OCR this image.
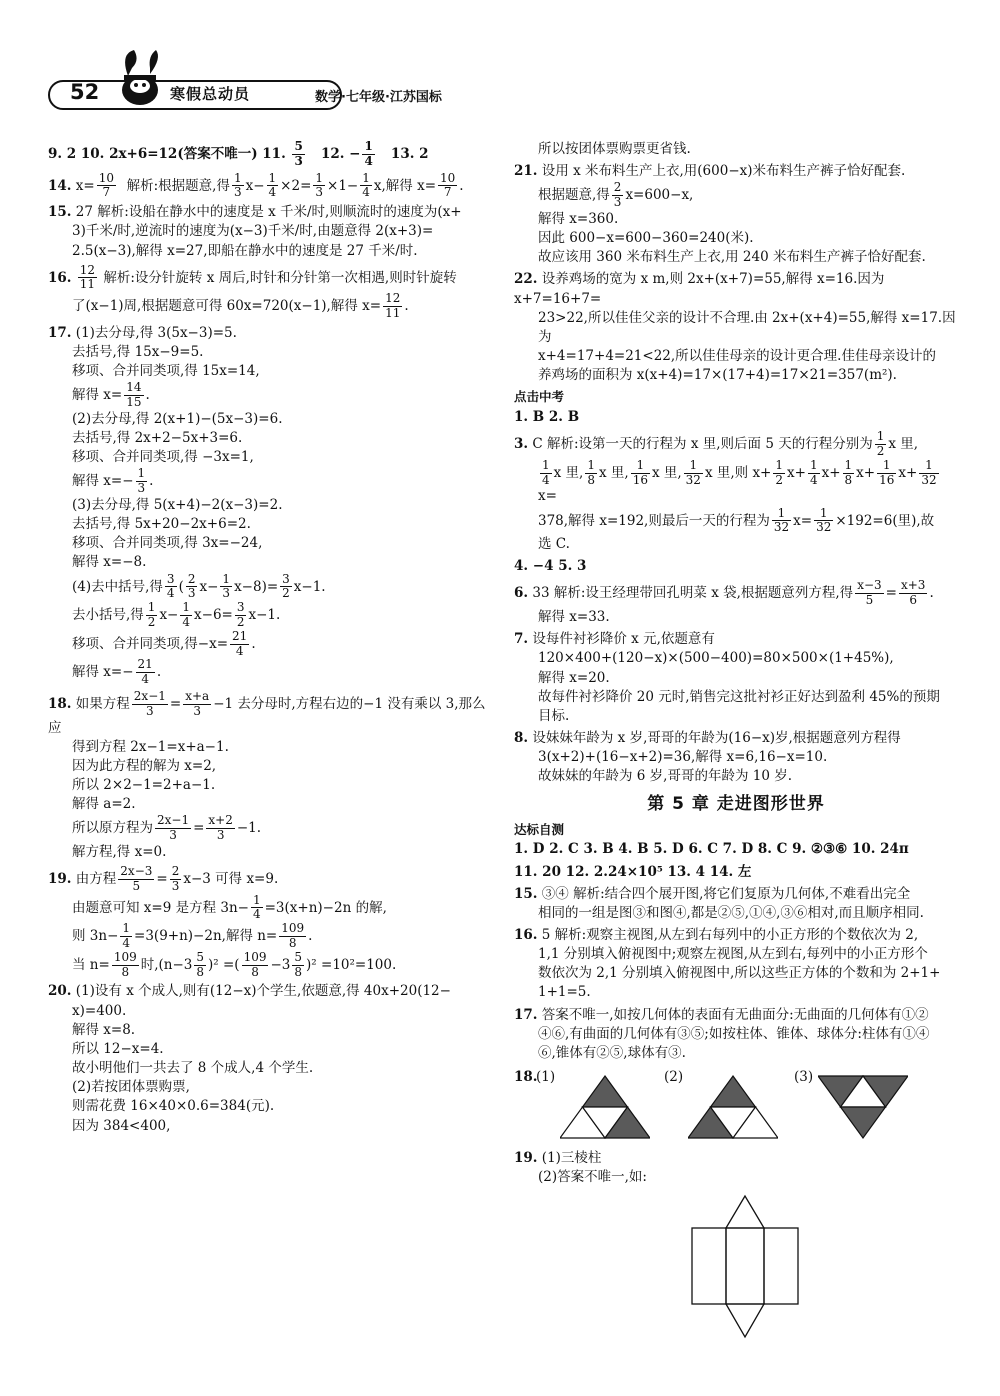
52	寒假总动员	数学·七年级·江苏国标
9. 2 10. 2x+6=12(答案不唯一) 11. $\frac{5}{3} 12$. − $\frac{1}{4} 13$. 2
14. $x= \frac{10}{7}$ 解析:根据题意,得 $\frac{1}{3} x- \frac{1}{4} \times 2= \frac{1}{3} \times 1- \frac{1}{4} x$,解得 $x= \frac{10}{7}$ .
15. 27 解析:设船在静水中的速度是 x 千米/时,则顺流时的速度为(x+
3)千米/时,逆流时的速度为(x−3)千米/时,由题意得 2(x+3)=
2.5(x−3),解得 x=27,即船在静水中的速度是 27 千米/时.
16. $\frac{12}{11}$ 解析:设分针旋转 x 周后,时针和分针第一次相遇,则时针旋转
了(x−1)周,根据题意可得 60x=720(x−1),解得 $x= \frac{12}{11}$ .
17. (1)去分母,得 3(5x−3)=5.
去括号,得 15x−9=5.
移项、合并同类项,得 15x=14,
解得 $x= \frac{14}{15}$ .
(2)去分母,得 2(x+1)−(5x−3)=6.
去括号,得 2x+2−5x+3=6.
移项、合并同类项,得 −3x=1,
解得 $x=- \frac{1}{3}$ .
(3)去分母,得 5(x+4)−2(x−3)=2.
去括号,得 5x+20−2x+6=2.
移项、合并同类项,得 3x=−24,
解得 x=−8.
(4)去中括号,得 $\frac{3}{4}$ ( $\frac{2}{3} x- \frac{1}{3} x-8)= \frac{3}{2} x-1$.
去小括号,得 $\frac{1}{2} x- \frac{1}{4} x-6= \frac{3}{2} x-1$.
移项、合并同类项,得$-x= \frac{21}{4}$ .
解得 $x=- \frac{21}{4}$ .
18. 如果方程 $\frac{2x-1}{3} = \frac{x+a}{3} -1$ 去分母时,方程右边的−1 没有乘以 3,那么应
得到方程 2x−1=x+a−1.
因为此方程的解为 x=2,
所以 2×2−1=2+a−1.
解得 a=2.
所以原方程为 $\frac{2x-1}{3} = \frac{x+2}{3} -1$.
解方程,得 x=0.
19. 由方程 $\frac{2x-3}{5} = \frac{2}{3} x-3$ 可得 x=9.
由题意可知 x=9 是方程 $3n- \frac{1}{4} =3(x+n)-2n$ 的解,
则 $3n- \frac{1}{4} =3(9+n)-2n$,解得 $n= \frac{109}{8}$ .
当 $n= \frac{109}{8}$ 时$,(n-3 \frac{5}{8} )^2$ =( $\frac{109}{8} -3 \frac{5}{8} )^2 =10^2=100$.
20. (1)设有 x 个成人,则有(12−x)个学生,依题意,得 40x+20(12−
x)=400.
解得 x=8.
所以 12−x=4.
故小明他们一共去了 8 个成人,4 个学生.
(2)若按团体票购票,
则需花费 16×40×0.6=384(元).
因为 384<400,
所以按团体票购票更省钱.
21. 设用 x 米布料生产上衣,用(600−x)米布料生产裤子恰好配套.
根据题意,得 $\frac{2}{3} x=600-x$,
解得 x=360.
因此 600−x=600−360=240(米).
故应该用 360 米布料生产上衣,用 240 米布料生产裤子恰好配套.
22. 设养鸡场的宽为 x m,则 2x+(x+7)=55,解得 x=16.因为 x+7=16+7=
23>22,所以佳佳父亲的设计不合理.由 2x+(x+4)=55,解得 x=17.因为
x+4=17+4=21<22,所以佳佳母亲的设计更合理.佳佳母亲设计的
养鸡场的面积为 x(x+4)=17×(17+4)=17×21=357(m²).
点击中考
1. B 2. B
3. C 解析:设第一天的行程为 x 里,则后面 5 天的行程分别为 $\frac{1}{2}$ x 里,
$\frac{1}{4}$ x 里, $\frac{1}{8}$ x 里, $\frac{1}{16}$ x 里, $\frac{1}{32}$ x 里,则 $x+ \frac{1}{2} x+ \frac{1}{4} x+ \frac{1}{8} x+ \frac{1}{16} x+ \frac{1}{32}$
x=
378,解得 x=192,则最后一天的行程为 $\frac{1}{32} x= \frac{1}{32} \times 192=6$(里),故
选 C.
4. −4 5. 3
6. 33 解析:设王经理带回孔明菜 x 袋,根据题意列方程,得 $\frac{x-3}{5} = \frac{x+3}{6}$ .
解得 x=33.
7. 设每件衬衫降价 x 元,依题意有
120×400+(120−x)×(500−400)=80×500×(1+45%),
解得 x=20.
故每件衬衫降价 20 元时,销售完这批衬衫正好达到盈利 45%的预期
目标.
8. 设妹妹年龄为 x 岁,哥哥的年龄为(16−x)岁,根据题意列方程得
3(x+2)+(16−x+2)=36,解得 x=6,16−x=10.
故妹妹的年龄为 6 岁,哥哥的年龄为 10 岁.
第 5 章 走进图形世界
达标自测
1. D 2. C 3. B 4. B 5. D 6. C 7. D 8. C 9. ②③⑥ 10. 24π
11. 20 12. 2.24×10⁵ 13. 4 14. 左
15. ③④ 解析:结合四个展开图,将它们复原为几何体,不难看出完全
相同的一组是图③和图④,都是②⑤,①④,③⑥相对,而且顺序相同.
16. 5 解析:观察主视图,从左到右每列中的小正方形的个数依次为 2,
1,1 分别填入俯视图中;观察左视图,从左到右,每列中的小正方形个
数依次为 2,1 分别填入俯视图中,所以这些正方体的个数和为 2+1+
1+1=5.
17. 答案不唯一,如按几何体的表面有无曲面分:无曲面的几何体有①②
④⑥,有曲面的几何体有③⑤;如按柱体、锥体、球体分:柱体有①④
⑥,锥体有②⑤,球体有③.
18.
(1)	(2)	(3)
19. (1)三棱柱
(2)答案不唯一,如:
